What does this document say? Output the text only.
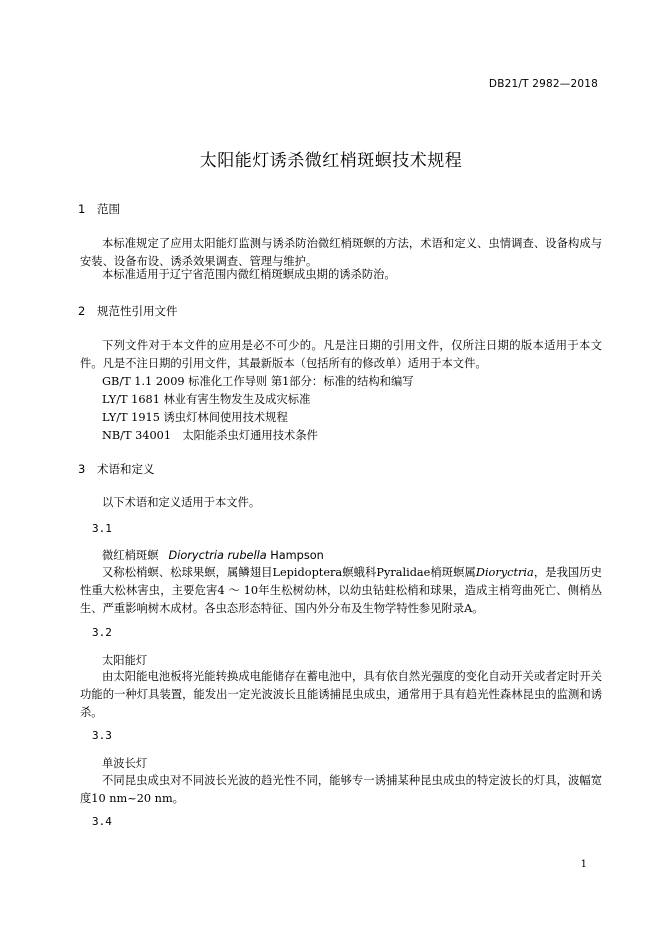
DB21/T 2982—2018
太阳能灯诱杀微红梢斑螟技术规程
1 范围
本标准规定了应用太阳能灯监测与诱杀防治微红梢斑螟的方法，术语和定义、虫情调查、设备构成与安装、设备布设、诱杀效果调查、管理与维护。
本标准适用于辽宁省范围内微红梢斑螟成虫期的诱杀防治。
2 规范性引用文件
下列文件对于本文件的应用是必不可少的。凡是注日期的引用文件，仅所注日期的版本适用于本文件。凡是不注日期的引用文件，其最新版本（包括所有的修改单）适用于本文件。
GB/T 1.1 2009 标准化工作导则 第1部分：标准的结构和编写
LY/T 1681 林业有害生物发生及成灾标准
LY/T 1915 诱虫灯林间使用技术规程
NB/T 34001　太阳能杀虫灯通用技术条件
3 术语和定义
以下术语和定义适用于本文件。
3.1
微红梢斑螟 Dioryctria rubella Hampson
又称松梢螟、松球果螟，属鳞翅目Lepidoptera螟蛾科Pyralidae梢斑螟属Dioryctria，是我国历史性重大松林害虫，主要危害4 ～ 10年生松树幼林，以幼虫钻蛀松梢和球果，造成主梢弯曲死亡、侧梢丛生、严重影响树木成材。各虫态形态特征、国内外分布及生物学特性参见附录A。
3.2
太阳能灯
由太阳能电池板将光能转换成电能储存在蓄电池中，具有依自然光强度的变化自动开关或者定时开关功能的一种灯具装置，能发出一定光波波长且能诱捕昆虫成虫，通常用于具有趋光性森林昆虫的监测和诱杀。
3.3
单波长灯
不同昆虫成虫对不同波长光波的趋光性不同，能够专一诱捕某种昆虫成虫的特定波长的灯具，波幅宽度10 nm~20 nm。
3.4
1
